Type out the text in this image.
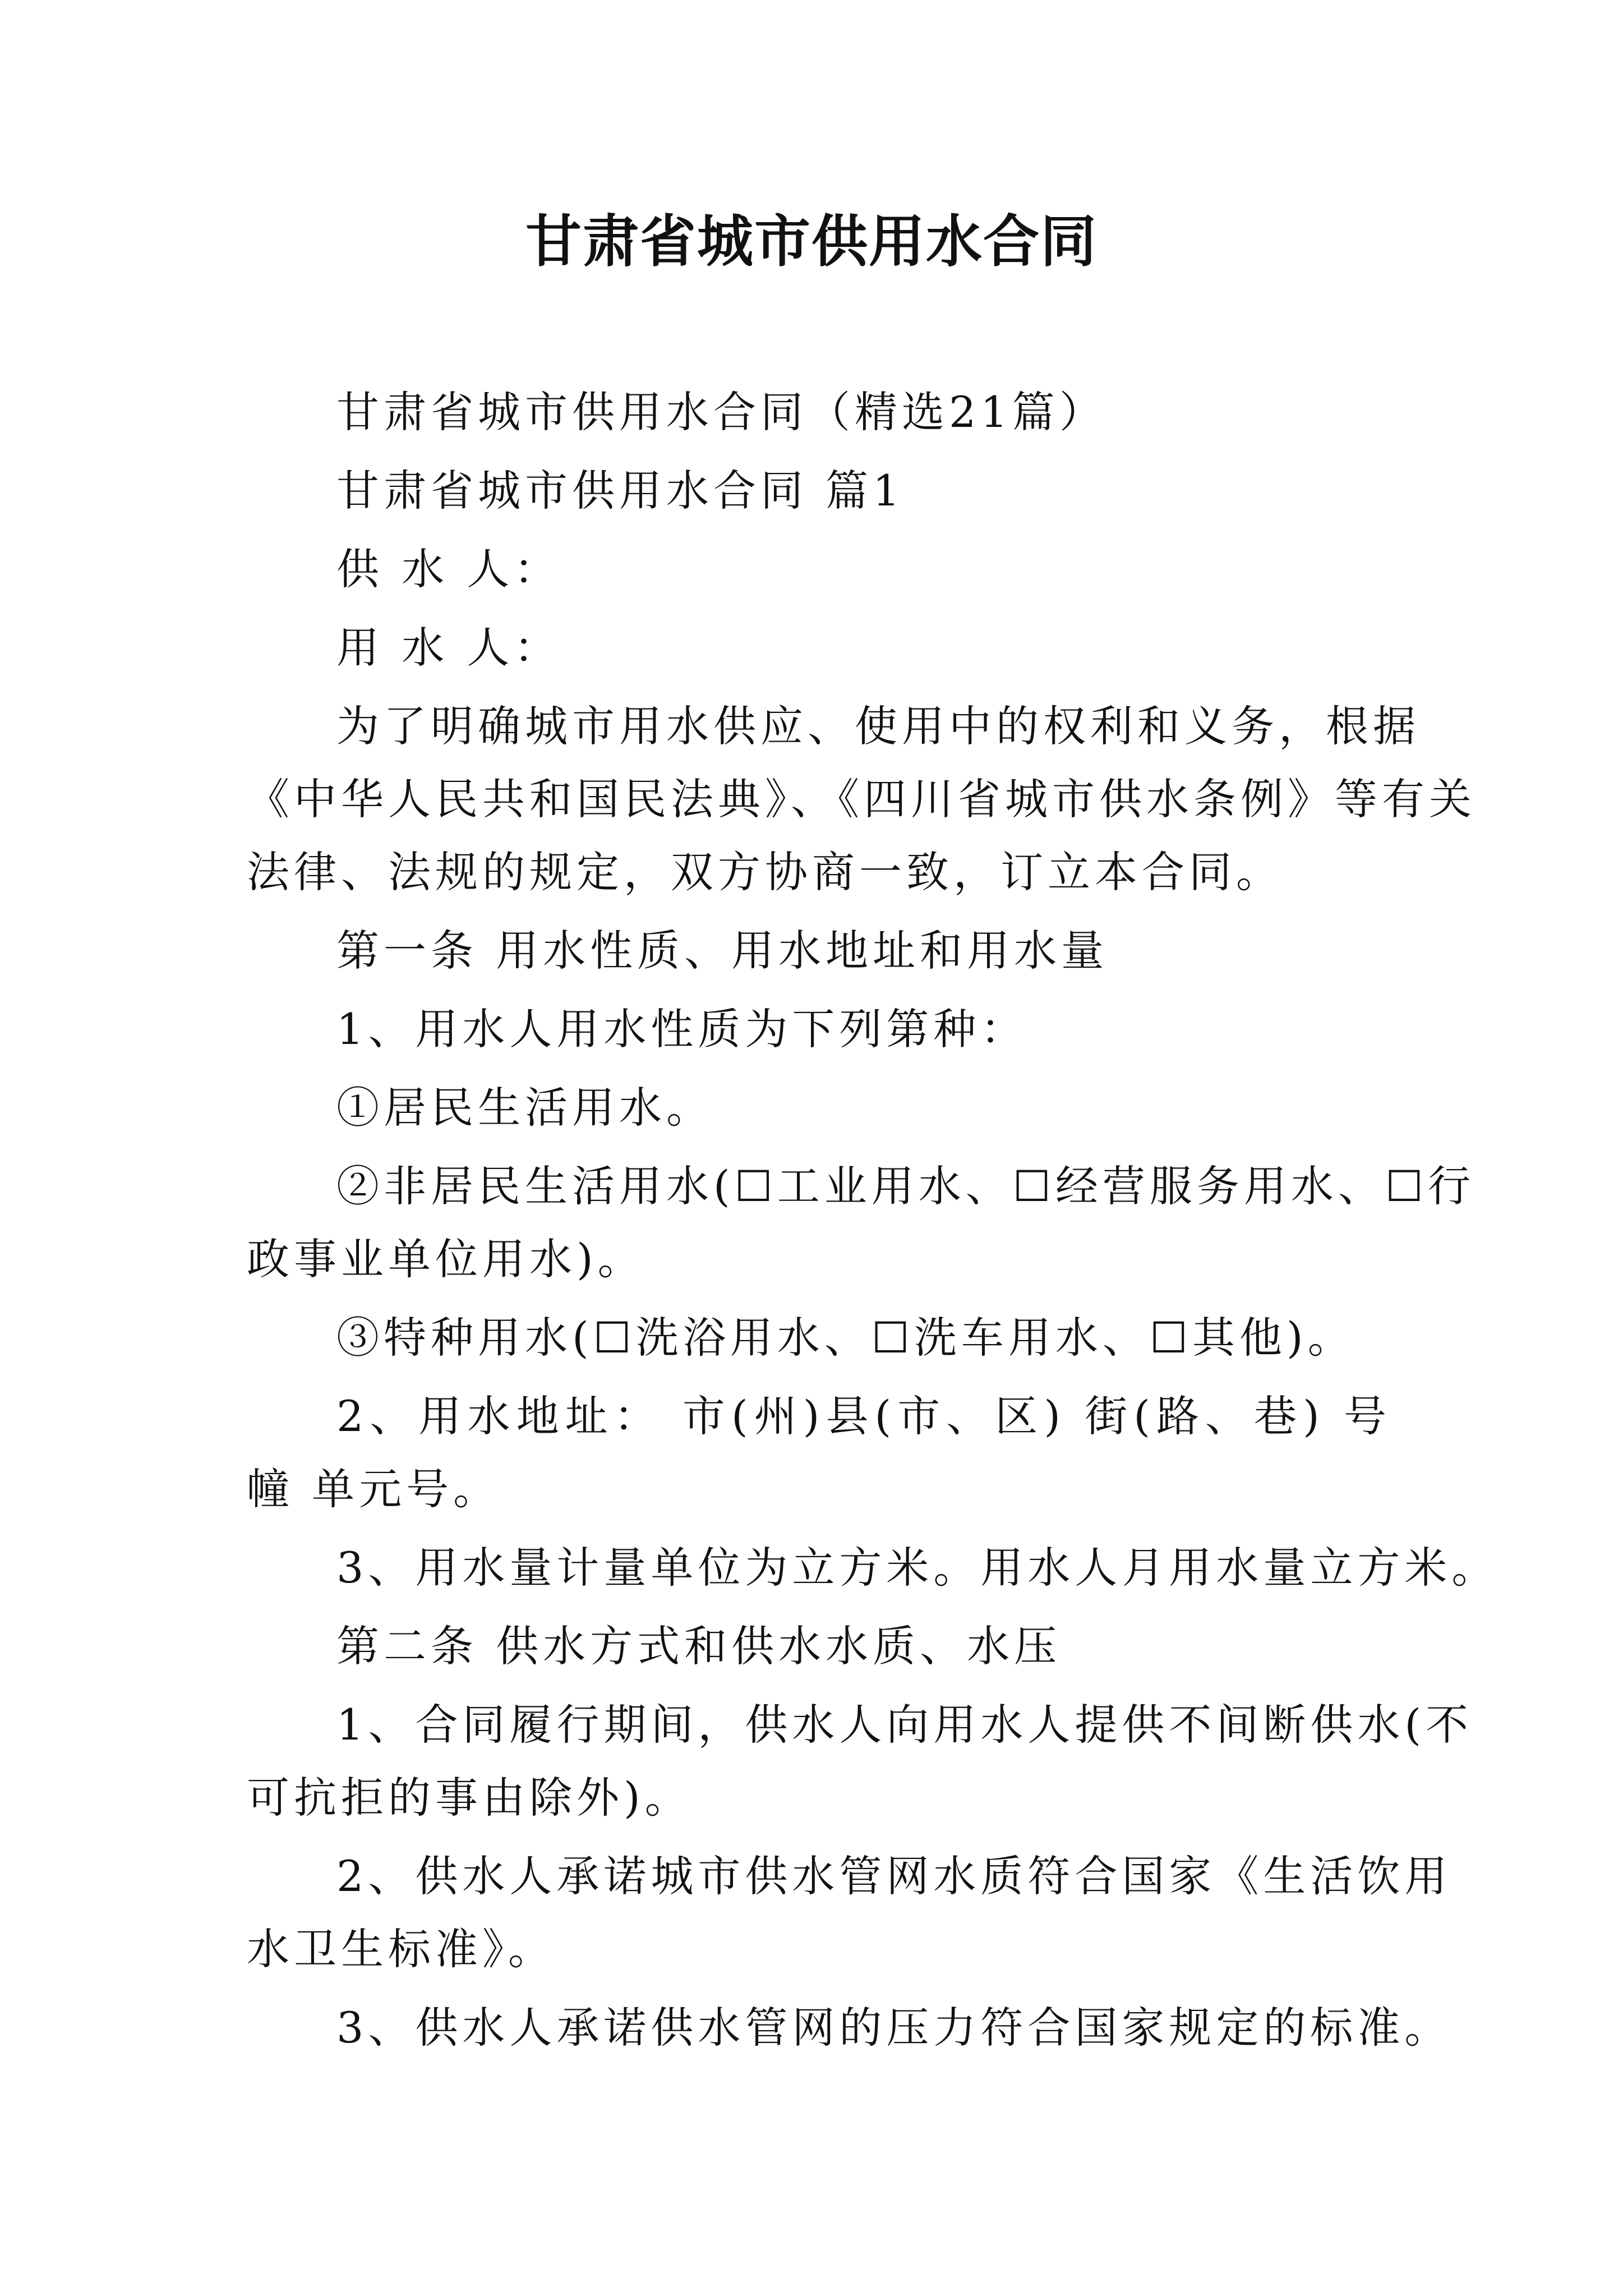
甘肃省城市供用水合同
甘肃省城市供用水合同（精选21篇）
甘肃省城市供用水合同 篇1
供 水 人：
用 水 人：
为了明确城市用水供应、使用中的权利和义务，根据
《中华人民共和国民法典》、《四川省城市供水条例》等有关
法律、法规的规定，双方协商一致，订立本合同。
第一条 用水性质、用水地址和用水量
1、用水人用水性质为下列第种：
①居民生活用水。
②非居民生活用水(☐工业用水、☐经营服务用水、☐行
政事业单位用水)。
③特种用水(☐洗浴用水、☐洗车用水、☐其他)。
2、用水地址： 市(州)县(市、区) 街(路、巷) 号
幢 单元号。
3、用水量计量单位为立方米。用水人月用水量立方米。
第二条 供水方式和供水水质、水压
1、合同履行期间，供水人向用水人提供不间断供水(不
可抗拒的事由除外)。
2、供水人承诺城市供水管网水质符合国家《生活饮用
水卫生标准》。
3、供水人承诺供水管网的压力符合国家规定的标准。
